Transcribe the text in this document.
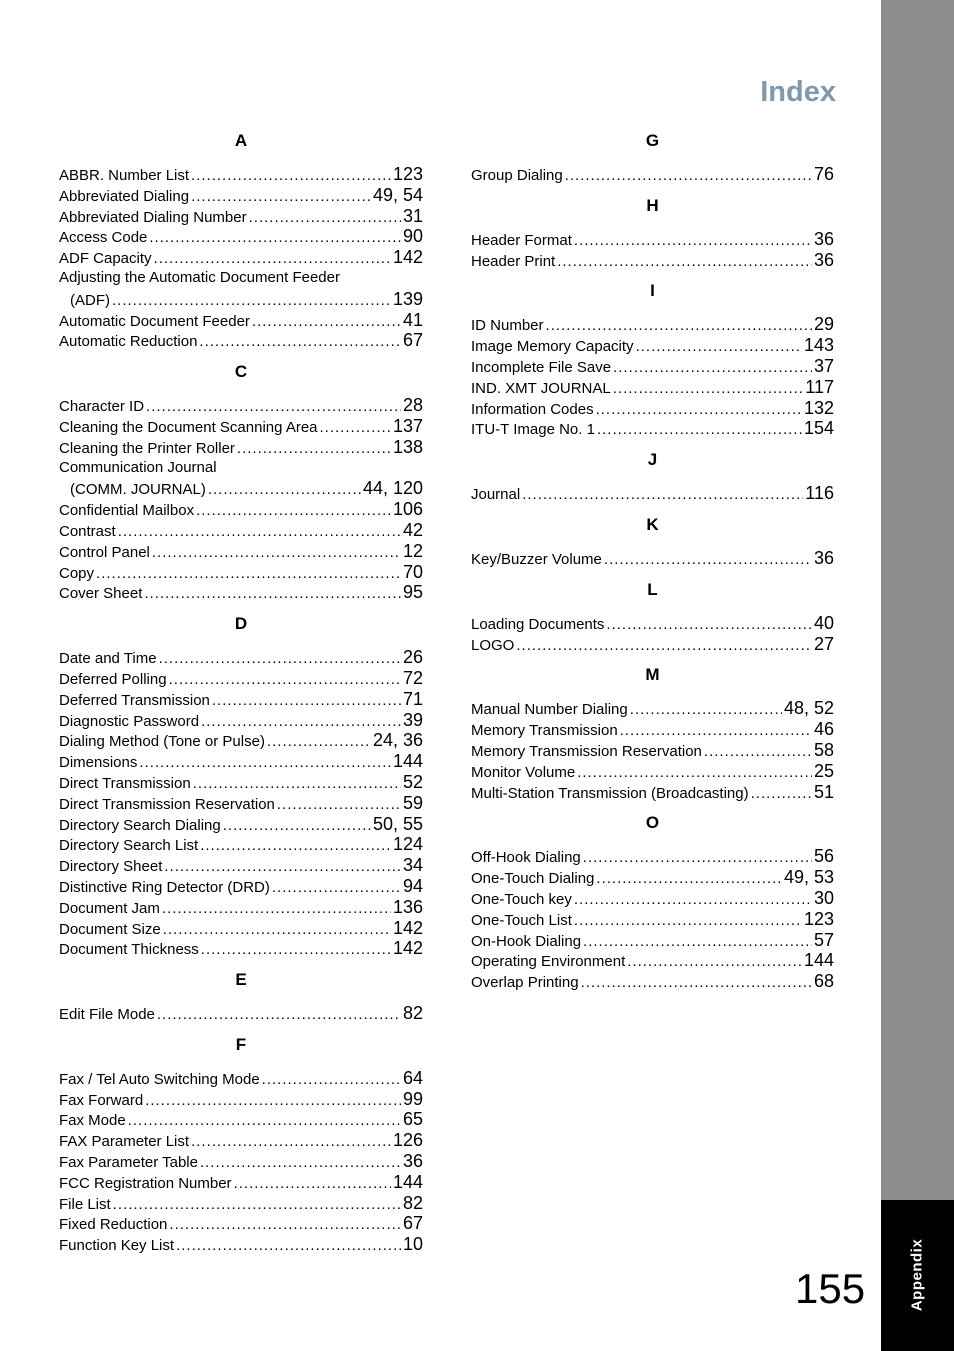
Appendix
Index
A
ABBR. Number List .....	123
Abbreviated Dialing .....	49, 54
Abbreviated Dialing Number .....	31
Access Code .....	90
ADF Capacity .....	142
Adjusting the Automatic Document Feeder
(ADF) .....	139
Automatic Document Feeder .....	41
Automatic Reduction .....	67
C
Character ID .....	28
Cleaning the Document Scanning Area .....	137
Cleaning the Printer Roller .....	138
Communication Journal
(COMM. JOURNAL) .....	44, 120
Confidential Mailbox .....	106
Contrast .....	42
Control Panel .....	12
Copy .....	70
Cover Sheet .....	95
D
Date and Time .....	26
Deferred Polling .....	72
Deferred Transmission .....	71
Diagnostic Password .....	39
Dialing Method (Tone or Pulse) .....	24, 36
Dimensions .....	144
Direct Transmission .....	52
Direct Transmission Reservation .....	59
Directory Search Dialing .....	50, 55
Directory Search List .....	124
Directory Sheet .....	34
Distinctive Ring Detector (DRD) .....	94
Document Jam .....	136
Document Size .....	142
Document Thickness .....	142
E
Edit File Mode .....	82
F
Fax / Tel Auto Switching Mode .....	64
Fax Forward .....	99
Fax Mode .....	65
FAX Parameter List .....	126
Fax Parameter Table .....	36
FCC Registration Number .....	144
File List .....	82
Fixed Reduction .....	67
Function Key List .....	10
G
Group Dialing .....	76
H
Header Format .....	36
Header Print .....	36
I
ID Number .....	29
Image Memory Capacity .....	143
Incomplete File Save .....	37
IND. XMT JOURNAL .....	117
Information Codes .....	132
ITU-T Image No. 1 .....	154
J
Journal .....	116
K
Key/Buzzer Volume .....	36
L
Loading Documents .....	40
LOGO .....	27
M
Manual Number Dialing .....	48, 52
Memory Transmission .....	46
Memory Transmission Reservation .....	58
Monitor Volume .....	25
Multi-Station Transmission (Broadcasting) .....	51
O
Off-Hook Dialing .....	56
One-Touch Dialing .....	49, 53
One-Touch key .....	30
One-Touch List .....	123
On-Hook Dialing .....	57
Operating Environment .....	144
Overlap Printing .....	68
155
